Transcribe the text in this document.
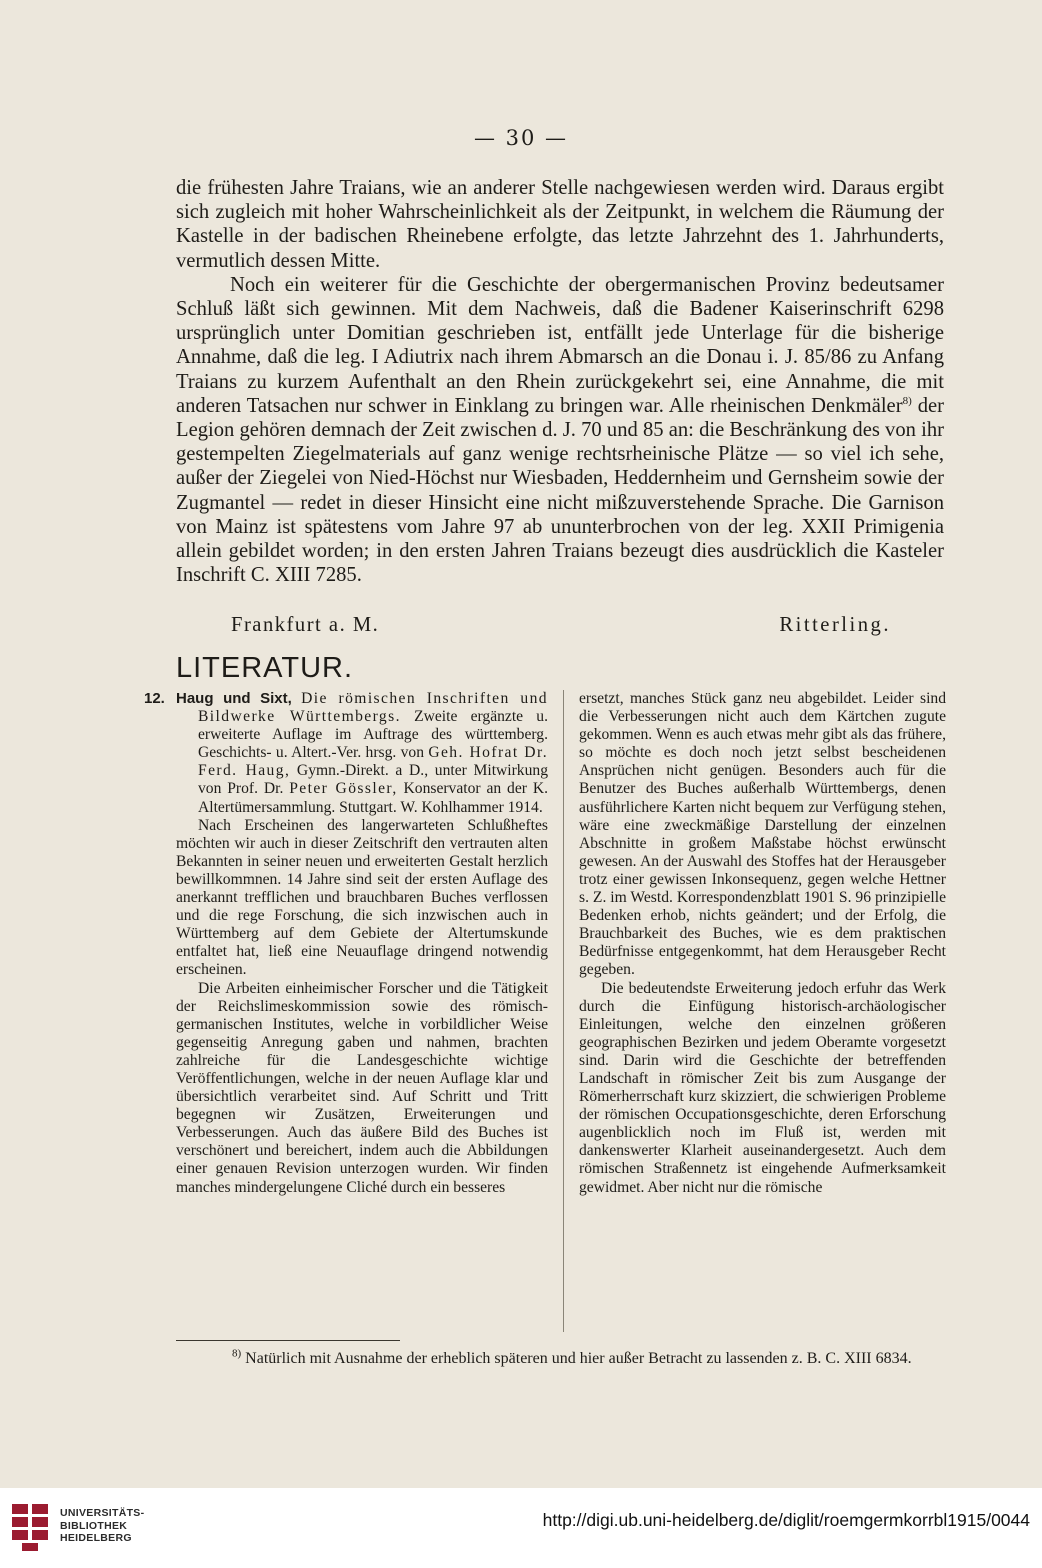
— 30 —

die frühesten Jahre Traians, wie an anderer Stelle nachgewiesen werden wird. Daraus ergibt sich zugleich mit hoher Wahrscheinlichkeit als der Zeitpunkt, in welchem die Räumung der Kastelle in der badischen Rheinebene erfolgte, das letzte Jahrzehnt des 1. Jahrhunderts, vermutlich dessen Mitte.

Noch ein weiterer für die Geschichte der obergermanischen Provinz bedeutsamer Schluß läßt sich gewinnen. Mit dem Nachweis, daß die Badener Kaiserinschrift 6298 ursprünglich unter Domitian geschrieben ist, entfällt jede Unterlage für die bisherige Annahme, daß die leg. I Adiutrix nach ihrem Abmarsch an die Donau i. J. 85/86 zu Anfang Traians zu kurzem Aufenthalt an den Rhein zurückgekehrt sei, eine Annahme, die mit anderen Tatsachen nur schwer in Einklang zu bringen war. Alle rheinischen Denkmäler$^{8)}$ der Legion gehören demnach der Zeit zwischen d. J. 70 und 85 an: die Beschränkung des von ihr gestempelten Ziegelmaterials auf ganz wenige rechtsrheinische Plätze — so viel ich sehe, außer der Ziegelei von Nied-Höchst nur Wiesbaden, Heddernheim und Gernsheim sowie der Zugmantel — redet in dieser Hinsicht eine nicht mißzuverstehende Sprache. Die Garnison von Mainz ist spätestens vom Jahre 97 ab ununterbrochen von der leg. XXII Primigenia allein gebildet worden; in den ersten Jahren Traians bezeugt dies ausdrücklich die Kasteler Inschrift C. XIII 7285.

Frankfurt a. M.	Ritterling.
LITERATUR.
12. Haug und Sixt, Die römischen Inschriften und Bildwerke Württembergs. Zweite ergänzte u. erweiterte Auflage im Auftrage des württemberg. Geschichts- u. Altert.-Ver. hrsg. von Geh. Hofrat Dr. Ferd. Haug, Gymn.-Direkt. a D., unter Mitwirkung von Prof. Dr. Peter Gössler, Konservator an der K. Altertümersammlung. Stuttgart. W. Kohlhammer 1914.

Nach Erscheinen des langerwarteten Schlußheftes möchten wir auch in dieser Zeitschrift den vertrauten alten Bekannten in seiner neuen und erweiterten Gestalt herzlich bewillkommnen. 14 Jahre sind seit der ersten Auflage des anerkannt trefflichen und brauchbaren Buches verflossen und die rege Forschung, die sich inzwischen auch in Württemberg auf dem Gebiete der Altertumskunde entfaltet hat, ließ eine Neuauflage dringend notwendig erscheinen.

Die Arbeiten einheimischer Forscher und die Tätigkeit der Reichslimeskommission sowie des römisch-germanischen Institutes, welche in vorbildlicher Weise gegenseitig Anregung gaben und nahmen, brachten zahlreiche für die Landesgeschichte wichtige Veröffentlichungen, welche in der neuen Auflage klar und übersichtlich verarbeitet sind. Auf Schritt und Tritt begegnen wir Zusätzen, Erweiterungen und Verbesserungen. Auch das äußere Bild des Buches ist verschönert und bereichert, indem auch die Abbildungen einer genauen Revision unterzogen wurden. Wir finden manches mindergelungene Cliché durch ein besseres

ersetzt, manches Stück ganz neu abgebildet. Leider sind die Verbesserungen nicht auch dem Kärtchen zugute gekommen. Wenn es auch etwas mehr gibt als das frühere, so möchte es doch noch jetzt selbst bescheidenen Ansprüchen nicht genügen. Besonders auch für die Benutzer des Buches außerhalb Württembergs, denen ausführlichere Karten nicht bequem zur Verfügung stehen, wäre eine zweckmäßige Darstellung der einzelnen Abschnitte in großem Maßstabe höchst erwünscht gewesen. An der Auswahl des Stoffes hat der Herausgeber trotz einer gewissen Inkonsequenz, gegen welche Hettner s. Z. im Westd. Korrespondenzblatt 1901 S. 96 prinzipielle Bedenken erhob, nichts geändert; und der Erfolg, die Brauchbarkeit des Buches, wie es dem praktischen Bedürfnisse entgegenkommt, hat dem Herausgeber Recht gegeben.

Die bedeutendste Erweiterung jedoch erfuhr das Werk durch die Einfügung historisch-archäologischer Einleitungen, welche den einzelnen größeren geographischen Bezirken und jedem Oberamte vorgesetzt sind. Darin wird die Geschichte der betreffenden Landschaft in römischer Zeit bis zum Ausgange der Römerherrschaft kurz skizziert, die schwierigen Probleme der römischen Occupationsgeschichte, deren Erforschung augenblicklich noch im Fluß ist, werden mit dankenswerter Klarheit auseinandergesetzt. Auch dem römischen Straßennetz ist eingehende Aufmerksamkeit gewidmet. Aber nicht nur die römische

$^{8)}$ Natürlich mit Ausnahme der erheblich späteren und hier außer Betracht zu lassenden z. B. C. XIII 6834.
UNIVERSITÄTS-
BIBLIOTHEK
HEIDELBERG
http://digi.ub.uni-heidelberg.de/diglit/roemgermkorrbl1915/0044
